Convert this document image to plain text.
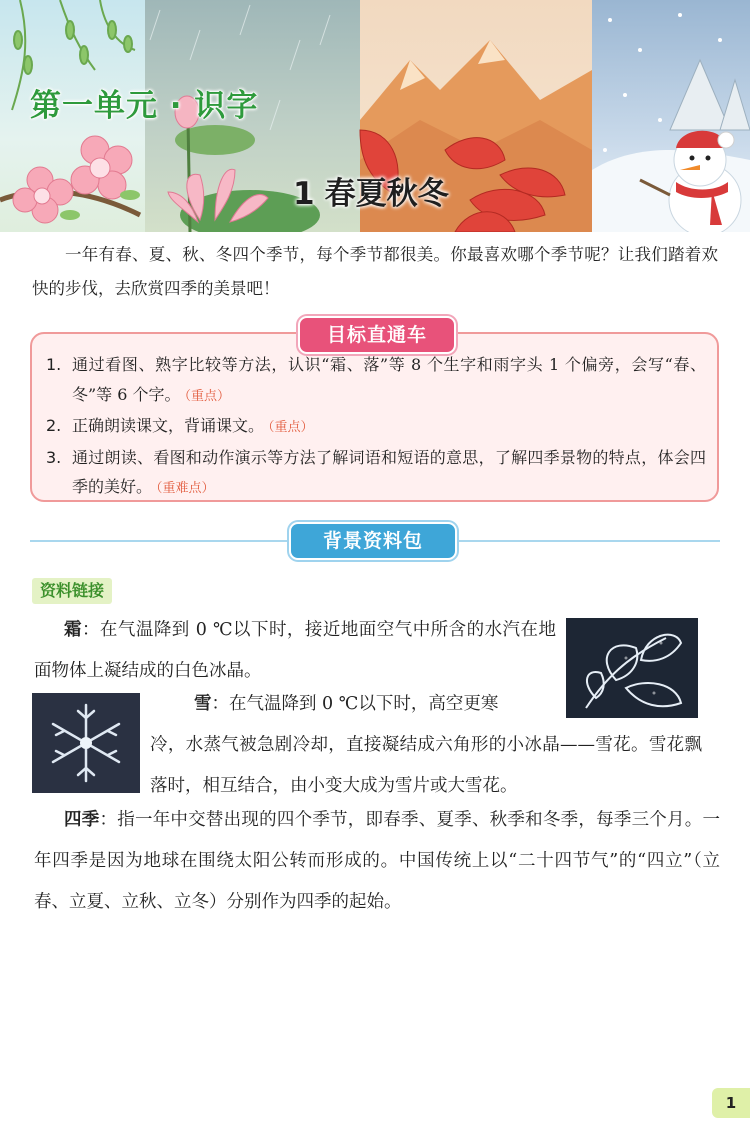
第一单元 · 识字
1 春夏秋冬

一年有春、夏、秋、冬四个季节，每个季节都很美。你最喜欢哪个季节呢？让我们踏着欢快的步伐，去欣赏四季的美景吧！

目标直通车
1. 通过看图、熟字比较等方法，认识“霜、落”等 8 个生字和雨字头 1 个偏旁，会写“春、冬”等 6 个字。 （重点）
2. 正确朗读课文，背诵课文。 （重点）
3. 通过朗读、看图和动作演示等方法了解词语和短语的意思，了解四季景物的特点，体会四季的美好。 （重难点）
背景资料包
资料链接

霜：在气温降到 0 ℃以下时，接近地面空气中所含的水汽在地面物体上凝结成的白色冰晶。

雪：在气温降到 0 ℃以下时，高空更寒

冷，水蒸气被急剧冷却，直接凝结成六角形的小冰晶——雪花。雪花飘落时，相互结合，由小变大成为雪片或大雪花。

四季：指一年中交替出现的四个季节，即春季、夏季、秋季和冬季，每季三个月。一年四季是因为地球在围绕太阳公转而形成的。中国传统上以“二十四节气”的“四立”（立春、立夏、立秋、立冬）分别作为四季的起始。

1
